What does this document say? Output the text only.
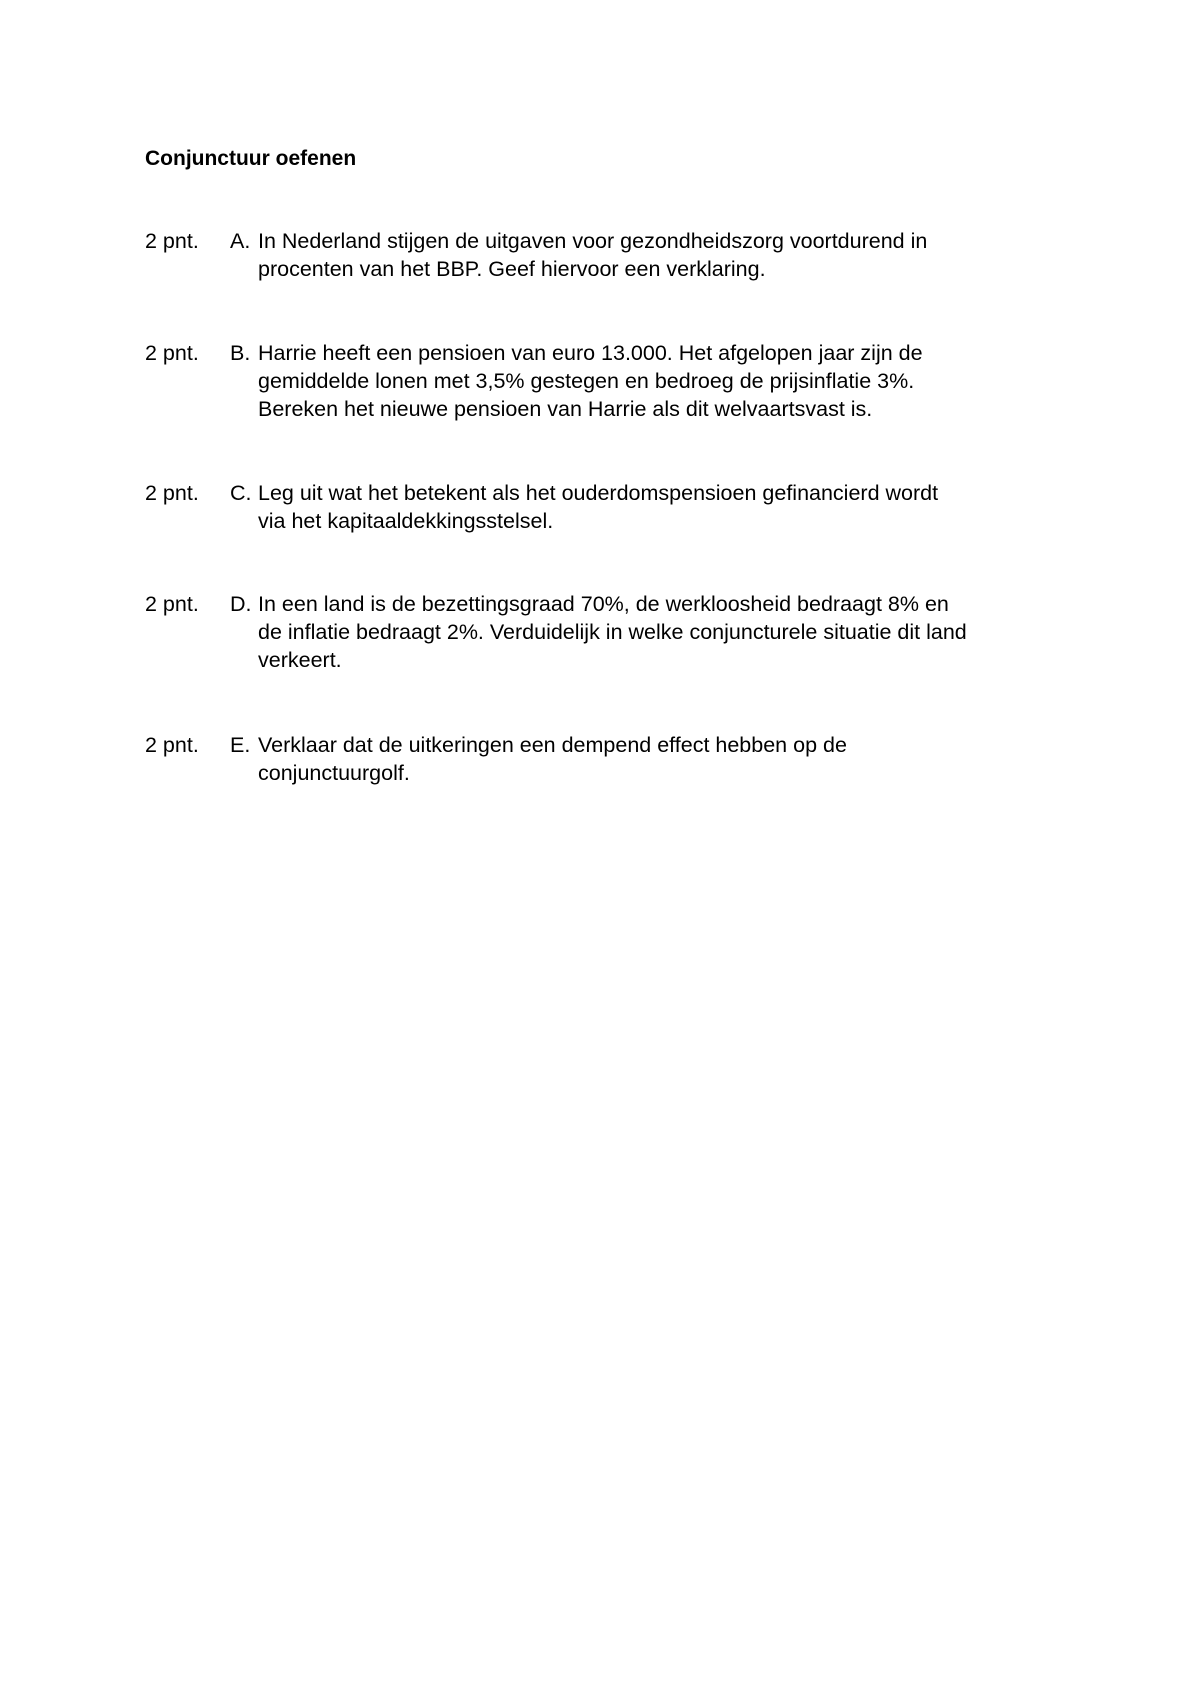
Conjunctuur oefenen
2 pnt. A. In Nederland stijgen de uitgaven voor gezondheidszorg voortdurend in
procenten van het BBP. Geef hiervoor een verklaring.
2 pnt. B. Harrie heeft een pensioen van euro 13.000. Het afgelopen jaar zijn de
gemiddelde lonen met 3,5% gestegen en bedroeg de prijsinflatie 3%.
Bereken het nieuwe pensioen van Harrie als dit welvaartsvast is.
2 pnt. C. Leg uit wat het betekent als het ouderdomspensioen gefinancierd wordt
via het kapitaaldekkingsstelsel.
2 pnt. D. In een land is de bezettingsgraad 70%, de werkloosheid bedraagt 8% en
de inflatie bedraagt 2%. Verduidelijk in welke conjuncturele situatie dit land
verkeert.
2 pnt. E. Verklaar dat de uitkeringen een dempend effect hebben op de
conjunctuurgolf.
